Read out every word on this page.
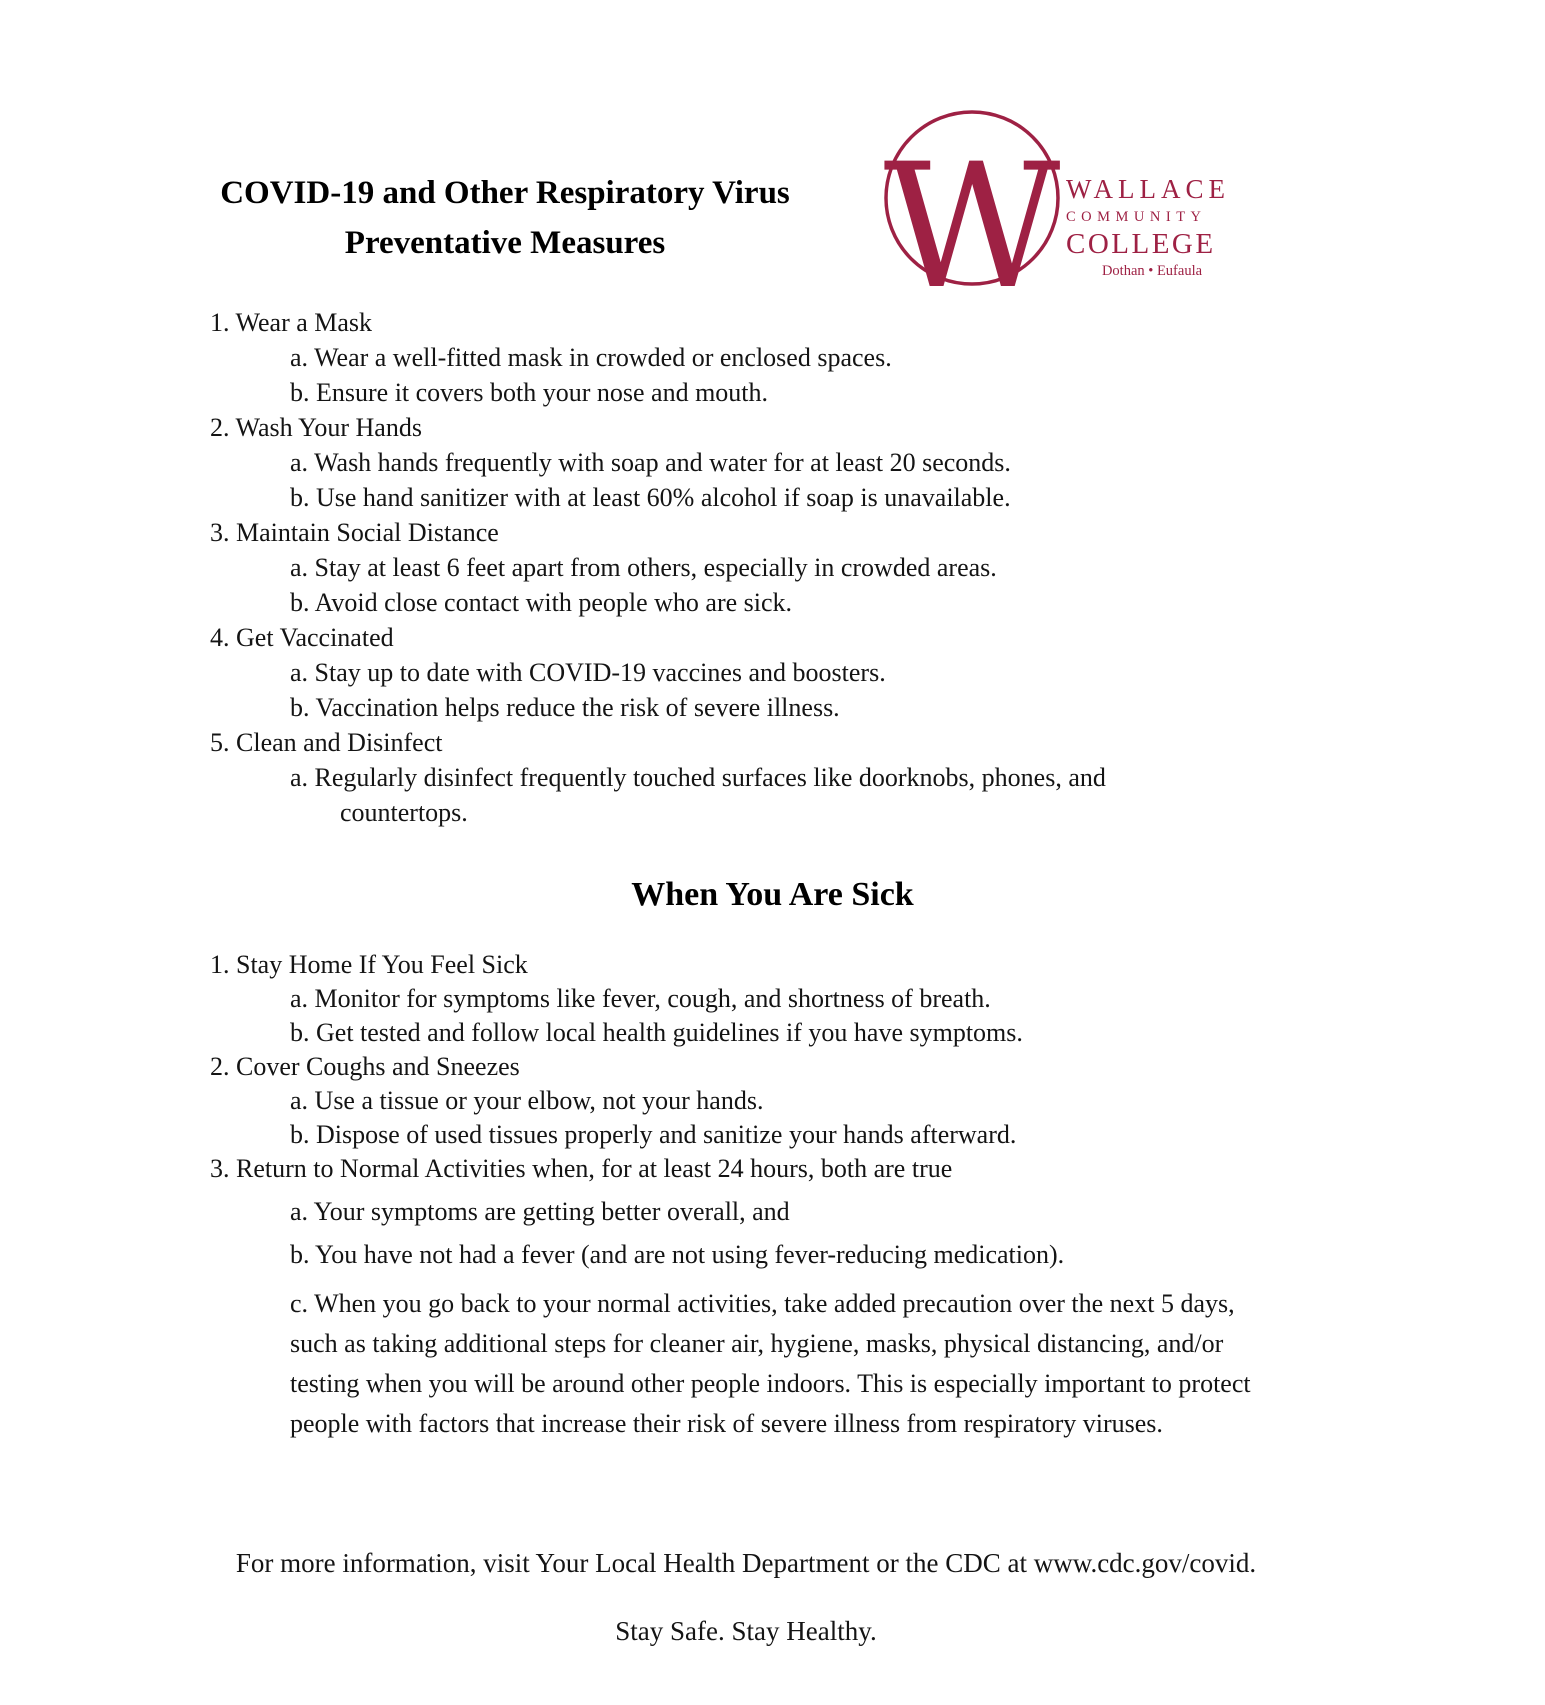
COVID-19 and Other Respiratory Virus
Preventative Measures	W WALLACE
COMMUNITY
COLLEGE
Dothan • Eufaula
1. Wear a Mask
a. Wear a well-fitted mask in crowded or enclosed spaces.
b. Ensure it covers both your nose and mouth.
2. Wash Your Hands
a. Wash hands frequently with soap and water for at least 20 seconds.
b. Use hand sanitizer with at least 60% alcohol if soap is unavailable.
3. Maintain Social Distance
a. Stay at least 6 feet apart from others, especially in crowded areas.
b. Avoid close contact with people who are sick.
4. Get Vaccinated
a. Stay up to date with COVID-19 vaccines and boosters.
b. Vaccination helps reduce the risk of severe illness.
5. Clean and Disinfect
a. Regularly disinfect frequently touched surfaces like doorknobs, phones, and
countertops.
When You Are Sick
1. Stay Home If You Feel Sick
a. Monitor for symptoms like fever, cough, and shortness of breath.
b. Get tested and follow local health guidelines if you have symptoms.
2. Cover Coughs and Sneezes
a. Use a tissue or your elbow, not your hands.
b. Dispose of used tissues properly and sanitize your hands afterward.
3. Return to Normal Activities when, for at least 24 hours, both are true
a. Your symptoms are getting better overall, and
b. You have not had a fever (and are not using fever-reducing medication).
c. When you go back to your normal activities, take added precaution over the next 5 days, such as taking additional steps for cleaner air, hygiene, masks, physical distancing, and/or testing when you will be around other people indoors. This is especially important to protect people with factors that increase their risk of severe illness from respiratory viruses.
For more information, visit Your Local Health Department or the CDC at www.cdc.gov/covid.
Stay Safe. Stay Healthy.
